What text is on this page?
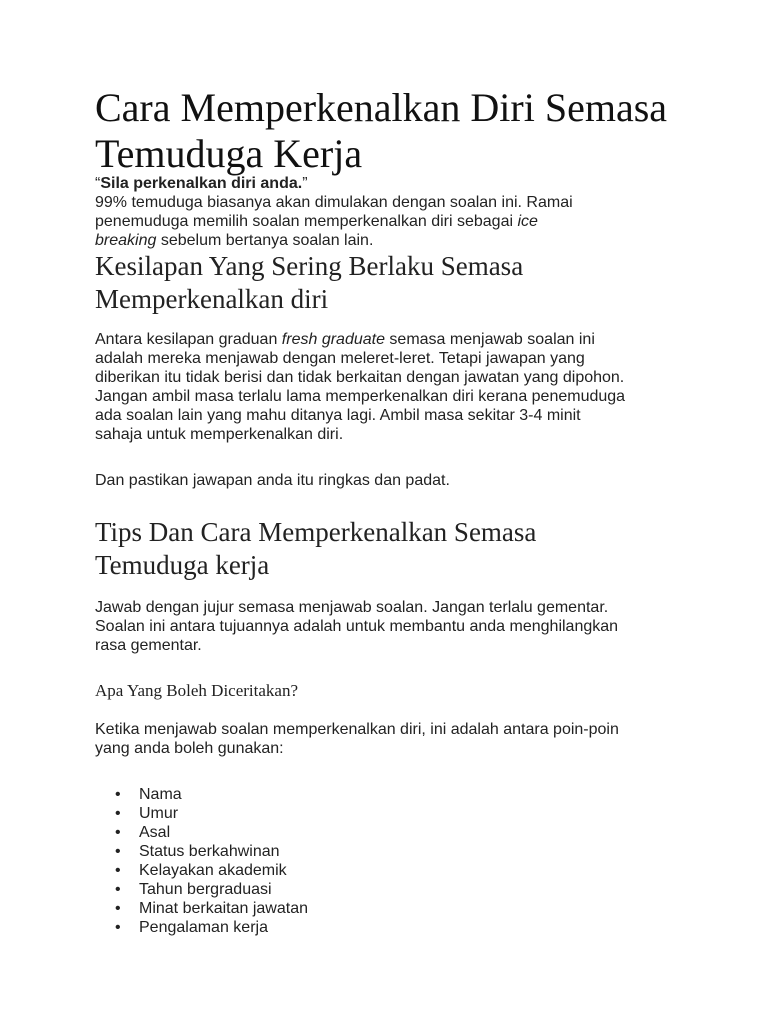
Cara Memperkenalkan Diri Semasa
Temuduga Kerja
“Sila perkenalkan diri anda.”
99% temuduga biasanya akan dimulakan dengan soalan ini. Ramai
penemuduga memilih soalan memperkenalkan diri sebagai ice
breaking sebelum bertanya soalan lain.
Kesilapan Yang Sering Berlaku Semasa
Memperkenalkan diri
Antara kesilapan graduan fresh graduate semasa menjawab soalan ini
adalah mereka menjawab dengan meleret-leret. Tetapi jawapan yang
diberikan itu tidak berisi dan tidak berkaitan dengan jawatan yang dipohon.
Jangan ambil masa terlalu lama memperkenalkan diri kerana penemuduga
ada soalan lain yang mahu ditanya lagi. Ambil masa sekitar 3-4 minit
sahaja untuk memperkenalkan diri.
Dan pastikan jawapan anda itu ringkas dan padat.
Tips Dan Cara Memperkenalkan Semasa
Temuduga kerja
Jawab dengan jujur semasa menjawab soalan. Jangan terlalu gementar.
Soalan ini antara tujuannya adalah untuk membantu anda menghilangkan
rasa gementar.
Apa Yang Boleh Diceritakan?
Ketika menjawab soalan memperkenalkan diri, ini adalah antara poin-poin
yang anda boleh gunakan:
• Nama
• Umur
• Asal
• Status berkahwinan
• Kelayakan akademik
• Tahun bergraduasi
• Minat berkaitan jawatan
• Pengalaman kerja
